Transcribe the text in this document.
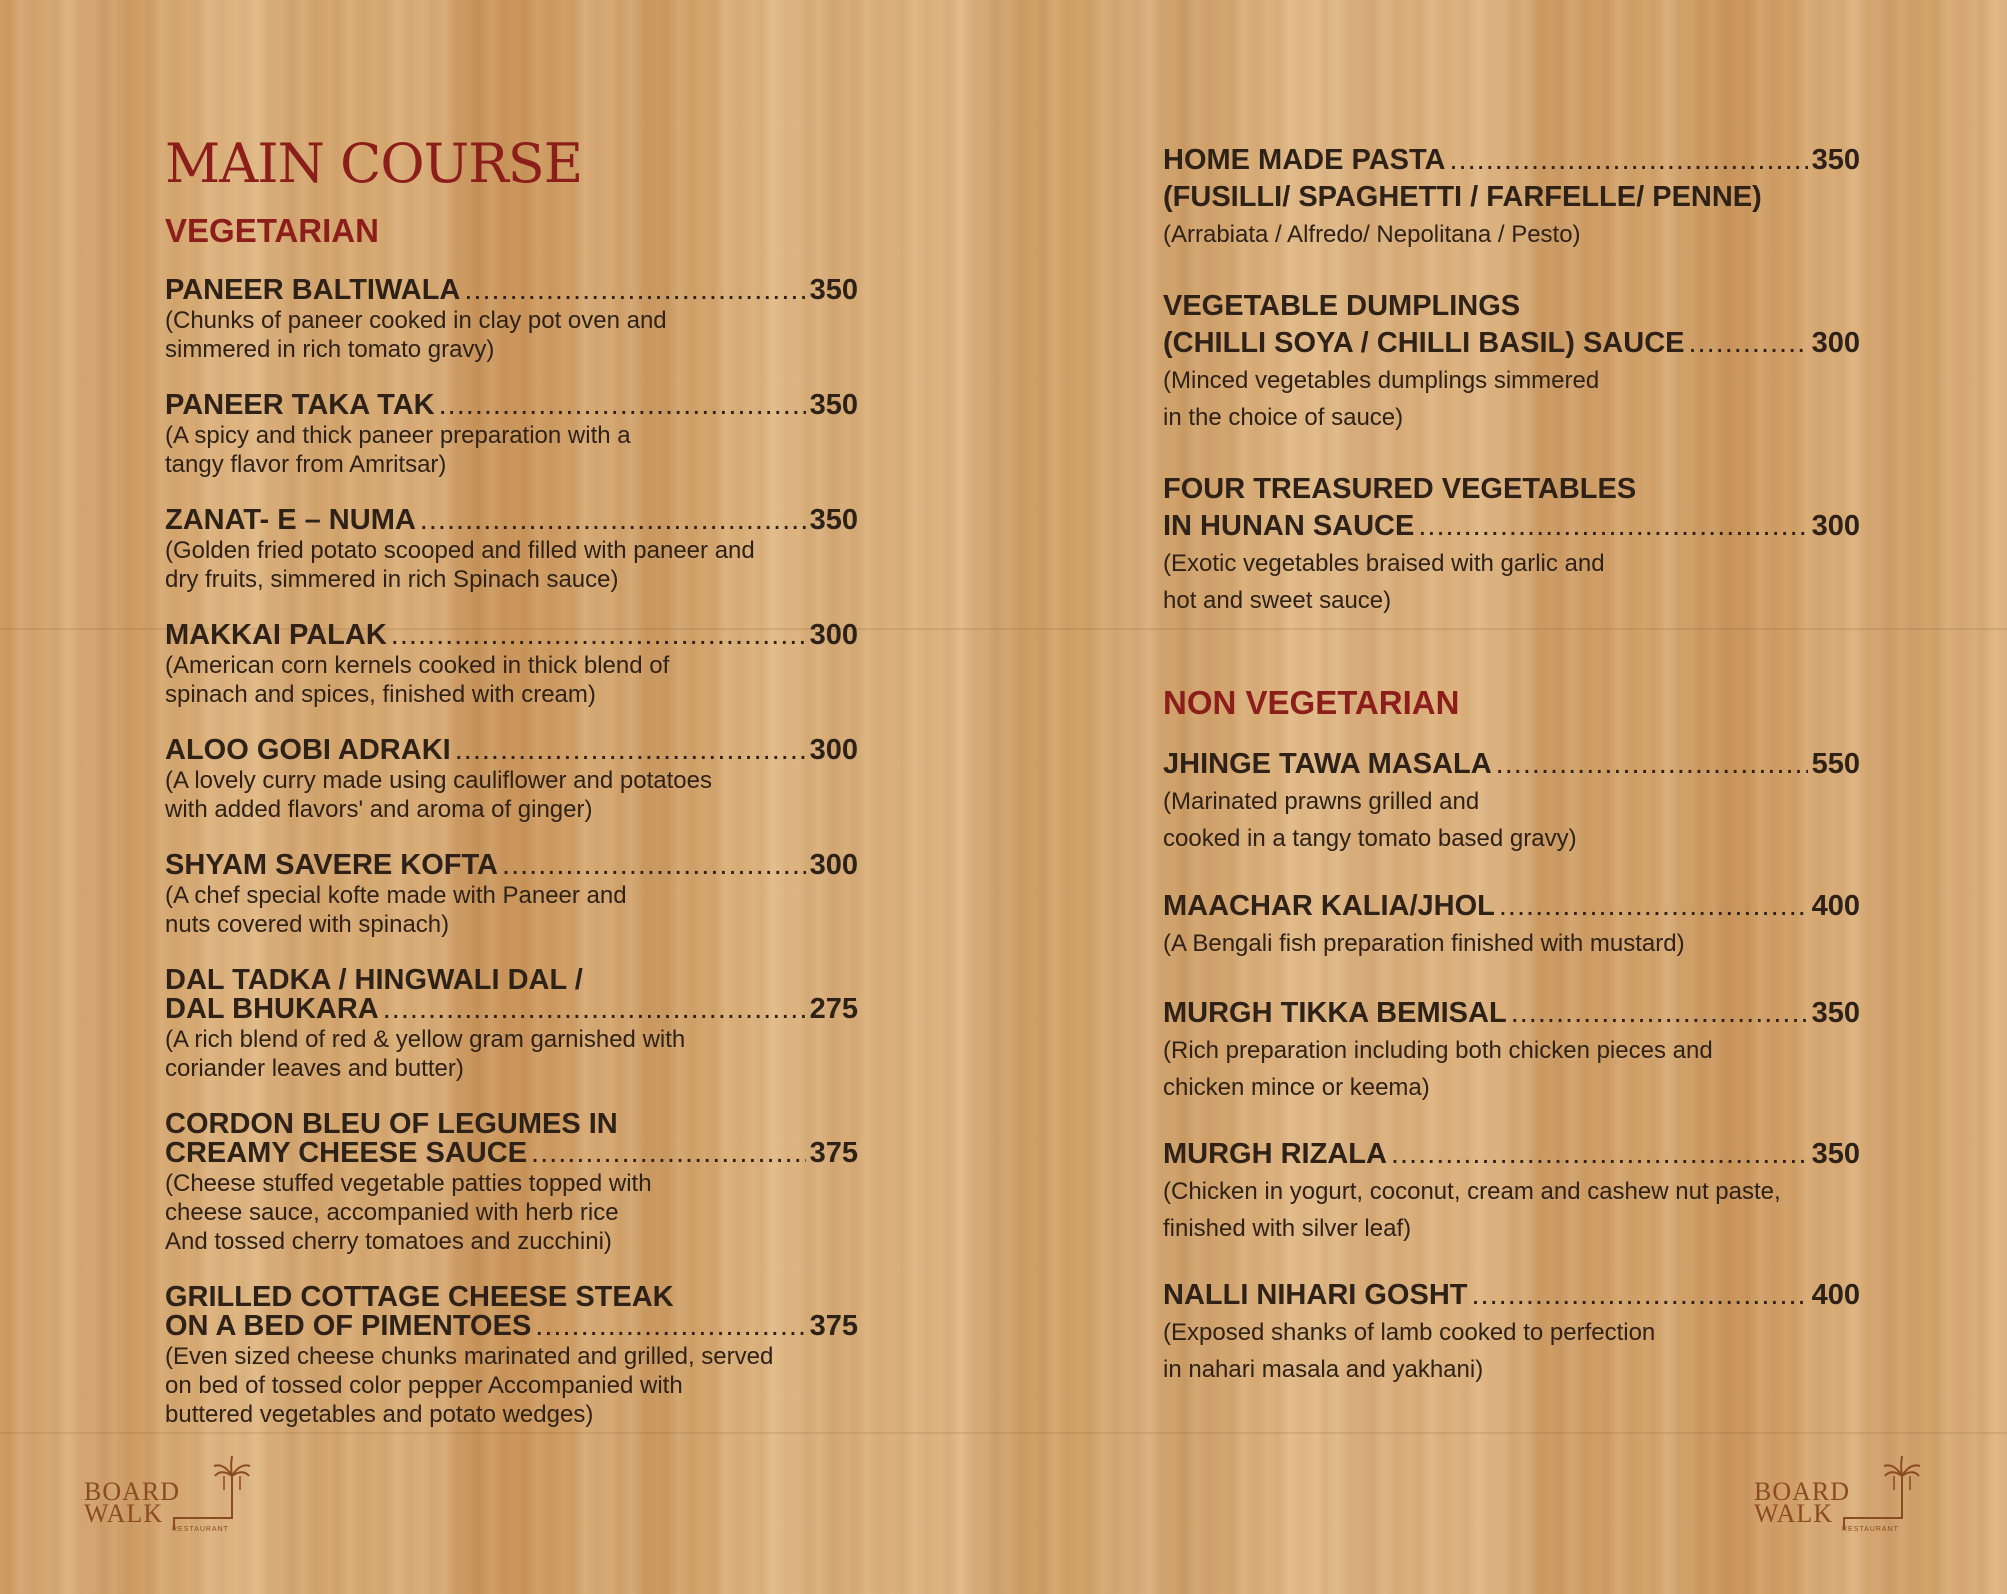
MAIN COURSE
VEGETARIAN
PANEER BALTIWALA .....	350
(Chunks of paneer cooked in clay pot oven and
simmered in rich tomato gravy)
PANEER TAKA TAK .....	350
(A spicy and thick paneer preparation with a
tangy flavor from Amritsar)
ZANAT- E – NUMA .....	350
(Golden fried potato scooped and filled with paneer and
dry fruits, simmered in rich Spinach sauce)
MAKKAI PALAK .....	300
(American corn kernels cooked in thick blend of
spinach and spices, finished with cream)
ALOO GOBI ADRAKI .....	300
(A lovely curry made using cauliflower and potatoes
with added flavors' and aroma of ginger)
SHYAM SAVERE KOFTA .....	300
(A chef special kofte made with Paneer and
nuts covered with spinach)
DAL TADKA / HINGWALI DAL /
DAL BHUKARA .....	275
(A rich blend of red & yellow gram garnished with
coriander leaves and butter)
CORDON BLEU OF LEGUMES IN
CREAMY CHEESE SAUCE .....	375
(Cheese stuffed vegetable patties topped with
cheese sauce, accompanied with herb rice
And tossed cherry tomatoes and zucchini)
GRILLED COTTAGE CHEESE STEAK
ON A BED OF PIMENTOES .....	375
(Even sized cheese chunks marinated and grilled, served
on bed of tossed color pepper Accompanied with
buttered vegetables and potato wedges)
BOARD
WALK
RESTAURANT
HOME MADE PASTA .....	350
(FUSILLI/ SPAGHETTI / FARFELLE/ PENNE)
(Arrabiata / Alfredo/ Nepolitana / Pesto)
VEGETABLE DUMPLINGS
(CHILLI SOYA / CHILLI BASIL) SAUCE .....	300
(Minced vegetables dumplings simmered
in the choice of sauce)
FOUR TREASURED VEGETABLES
IN HUNAN SAUCE .....	300
(Exotic vegetables braised with garlic and
hot and sweet sauce)
NON VEGETARIAN
JHINGE TAWA MASALA .....	550
(Marinated prawns grilled and
cooked in a tangy tomato based gravy)
MAACHAR KALIA/JHOL .....	400
(A Bengali fish preparation finished with mustard)
MURGH TIKKA BEMISAL .....	350
(Rich preparation including both chicken pieces and
chicken mince or keema)
MURGH RIZALA .....	350
(Chicken in yogurt, coconut, cream and cashew nut paste,
finished with silver leaf)
NALLI NIHARI GOSHT .....	400
(Exposed shanks of lamb cooked to perfection
in nahari masala and yakhani)
BOARD
WALK
RESTAURANT
